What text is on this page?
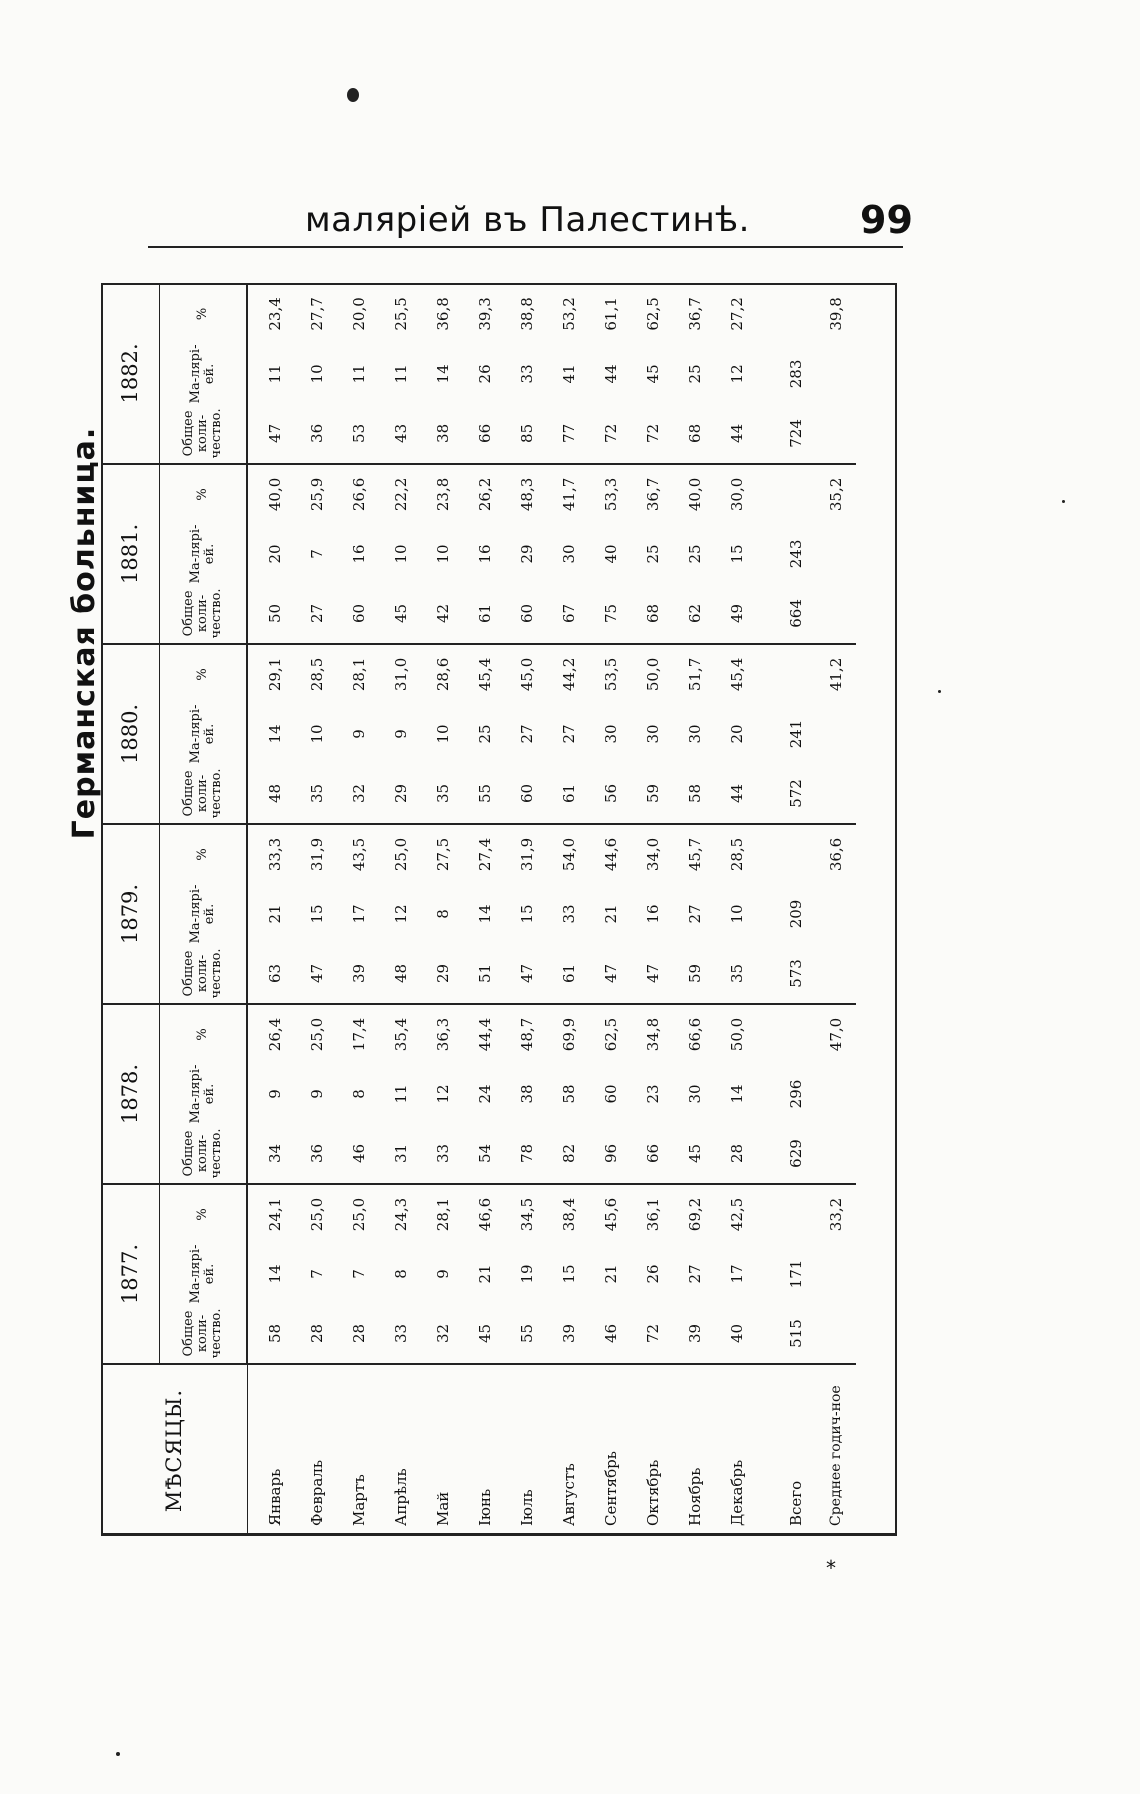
маляріей въ Палестинѣ.	99
Германская больница.
МѢСЯЦЫ.	1877.			1878.			1879.			1880.			1881.			1882.		
	Общее коли-чество.	Ма-лярі-ей.	%	Общее коли-чество.	Ма-лярі-ей.	%	Общее коли-чество.	Ма-лярі-ей.	%	Общее коли-чество.	Ма-лярі-ей.	%	Общее коли-чество.	Ма-лярі-ей.	%	Общее коли-чество.	Ма-лярі-ей.	%
Январь	58	14	24,1	34	9	26,4	63	21	33,3	48	14	29,1	50	20	40,0	47	11	23,4
Февраль	28	7	25,0	36	9	25,0	47	15	31,9	35	10	28,5	27	7	25,9	36	10	27,7
Мартъ	28	7	25,0	46	8	17,4	39	17	43,5	32	9	28,1	60	16	26,6	53	11	20,0
Апрѣль	33	8	24,3	31	11	35,4	48	12	25,0	29	9	31,0	45	10	22,2	43	11	25,5
Май	32	9	28,1	33	12	36,3	29	8	27,5	35	10	28,6	42	10	23,8	38	14	36,8
Іюнь	45	21	46,6	54	24	44,4	51	14	27,4	55	25	45,4	61	16	26,2	66	26	39,3
Іюль	55	19	34,5	78	38	48,7	47	15	31,9	60	27	45,0	60	29	48,3	85	33	38,8
Августъ	39	15	38,4	82	58	69,9	61	33	54,0	61	27	44,2	67	30	41,7	77	41	53,2
Сентябрь	46	21	45,6	96	60	62,5	47	21	44,6	56	30	53,5	75	40	53,3	72	44	61,1
Октябрь	72	26	36,1	66	23	34,8	47	16	34,0	59	30	50,0	68	25	36,7	72	45	62,5
Ноябрь	39	27	69,2	45	30	66,6	59	27	45,7	58	30	51,7	62	25	40,0	68	25	36,7
Декабрь	40	17	42,5	28	14	50,0	35	10	28,5	44	20	45,4	49	15	30,0	44	12	27,2

Всего	515	171		629	296		573	209		572	241		664	243		724	283	
Среднее годич-ное			33,2			47,0			36,6			41,2			35,2			39,8
*
